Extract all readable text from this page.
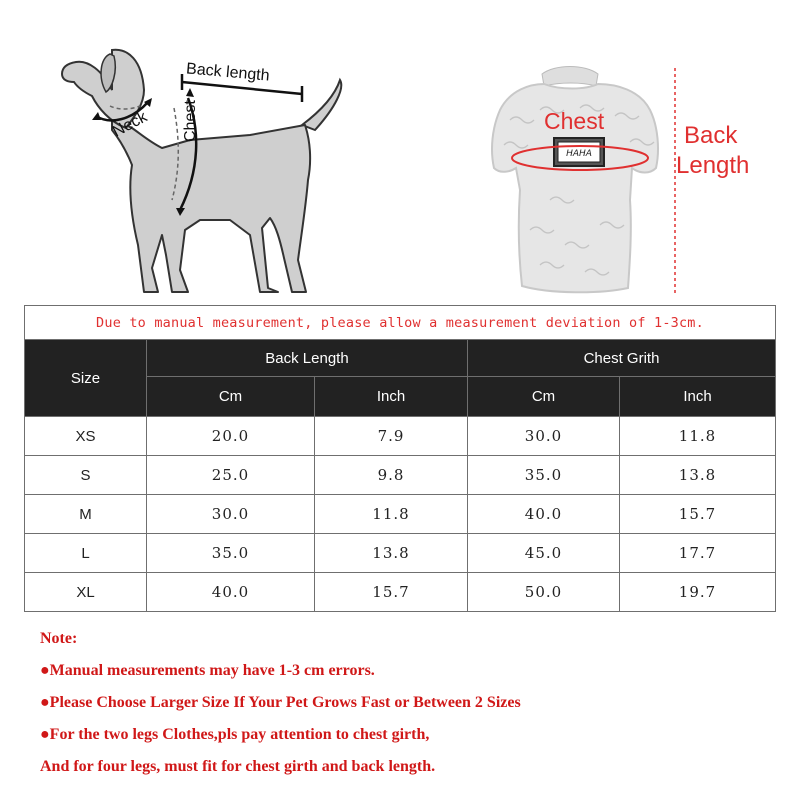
Back length
Neck Chest
HAHA
Chest
Back
Length
Due to manual measurement, please allow a measurement deviation of 1-3cm.				
Size	Back Length		Chest Grith	
	Cm	Inch	Cm	Inch
XS	20.0	7.9	30.0	11.8
S	25.0	9.8	35.0	13.8
M	30.0	11.8	40.0	15.7
L	35.0	13.8	45.0	17.7
XL	40.0	15.7	50.0	19.7
Note:
●Manual measurements may have 1-3 cm errors.
●Please Choose Larger Size If Your Pet Grows Fast or Between 2 Sizes
●For the two legs Clothes,pls pay attention to chest girth,
And for four legs, must fit for chest girth and back length.
